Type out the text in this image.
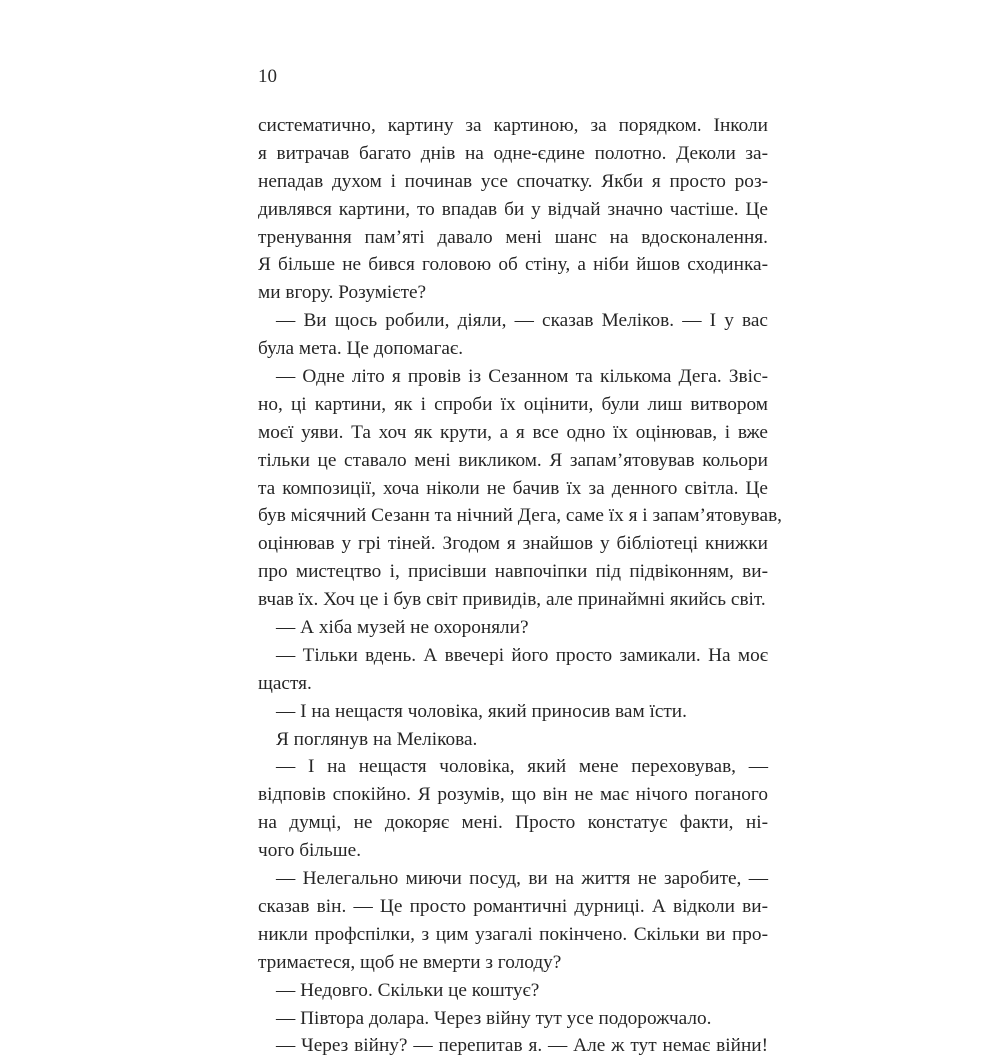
10
систематично, картину за картиною, за порядком. Інколи
я витрачав багато днів на одне-єдине полотно. Деколи за-
непадав духом і починав усе спочатку. Якби я просто роз-
дивлявся картини, то впадав би у відчай значно частіше. Це
тренування пам’яті давало мені шанс на вдосконалення.
Я більше не бився головою об стіну, а ніби йшов сходинка-
ми вгору. Розумієте?
— Ви щось робили, діяли, — сказав Меліков. — І у вас
була мета. Це допомагає.
— Одне літо я провів із Сезанном та кількома Дега. Звіс-
но, ці картини, як і спроби їх оцінити, були лиш витвором
моєї уяви. Та хоч як крути, а я все одно їх оцінював, і вже
тільки це ставало мені викликом. Я запам’ятовував кольори
та композиції, хоча ніколи не бачив їх за денного світла. Це
був місячний Сезанн та нічний Дега, саме їх я і запам’ятовував,
оцінював у грі тіней. Згодом я знайшов у бібліотеці книжки
про мистецтво і, присівши навпочіпки під підвіконням, ви-
вчав їх. Хоч це і був світ привидів, але принаймні якийсь світ.
— А хіба музей не охороняли?
— Тільки вдень. А ввечері його просто замикали. На моє
щастя.
— І на нещастя чоловіка, який приносив вам їсти.
Я поглянув на Мелікова.
— І на нещастя чоловіка, який мене переховував, —
відповів спокійно. Я розумів, що він не має нічого поганого
на думці, не докоряє мені. Просто констатує факти, ні-
чого більше.
— Нелегально миючи посуд, ви на життя не заробите, —
сказав він. — Це просто романтичні дурниці. А відколи ви-
никли профспілки, з цим узагалі покінчено. Скільки ви про-
тримаєтеся, щоб не вмерти з голоду?
— Недовго. Скільки це коштує?
— Півтора долара. Через війну тут усе подорожчало.
— Через війну? — перепитав я. — Але ж тут немає війни!
